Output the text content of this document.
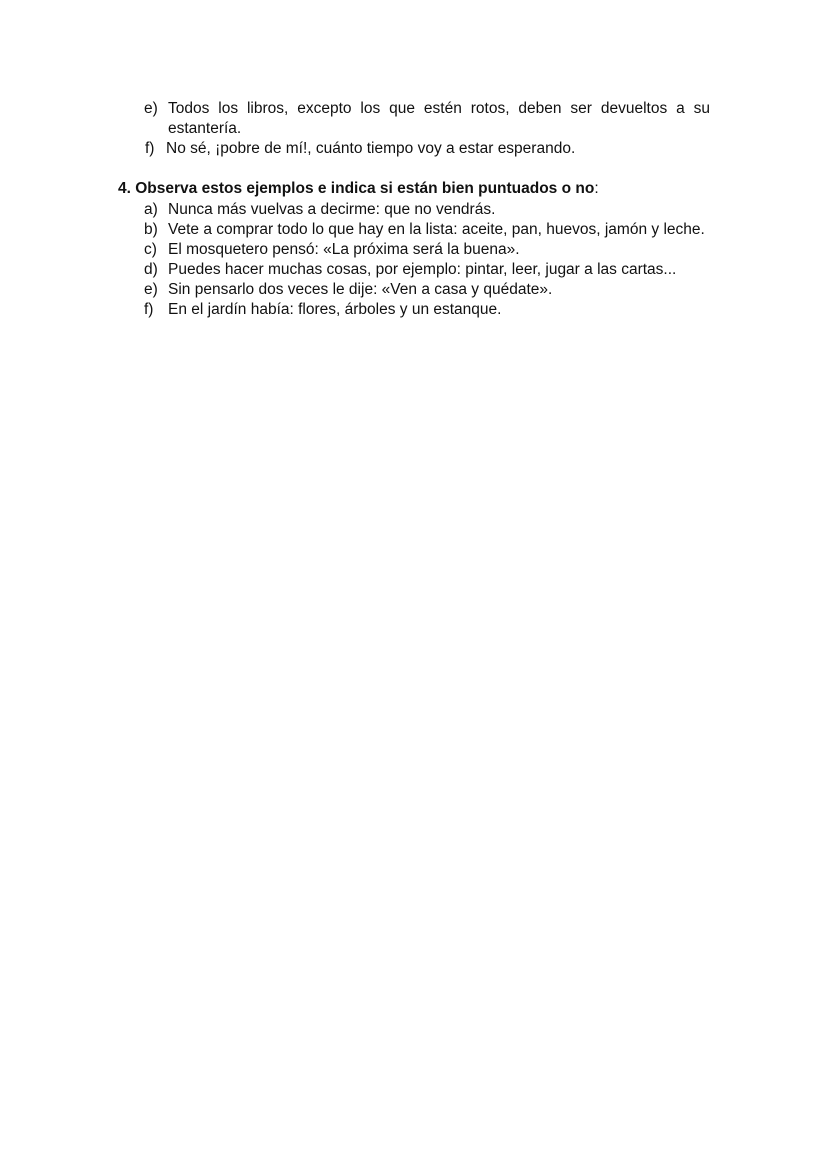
e) Todos los libros, excepto los que estén rotos, deben ser devueltos a su estantería.
f) No sé, ¡pobre de mí!, cuánto tiempo voy a estar esperando.
4. Observa estos ejemplos e indica si están bien puntuados o no:
a) Nunca más vuelvas a decirme: que no vendrás.
b) Vete a comprar todo lo que hay en la lista: aceite, pan, huevos, jamón y leche.
c) El mosquetero pensó: «La próxima será la buena».
d) Puedes hacer muchas cosas, por ejemplo: pintar, leer, jugar a las cartas...
e) Sin pensarlo dos veces le dije: «Ven a casa y quédate».
f) En el jardín había: flores, árboles y un estanque.
